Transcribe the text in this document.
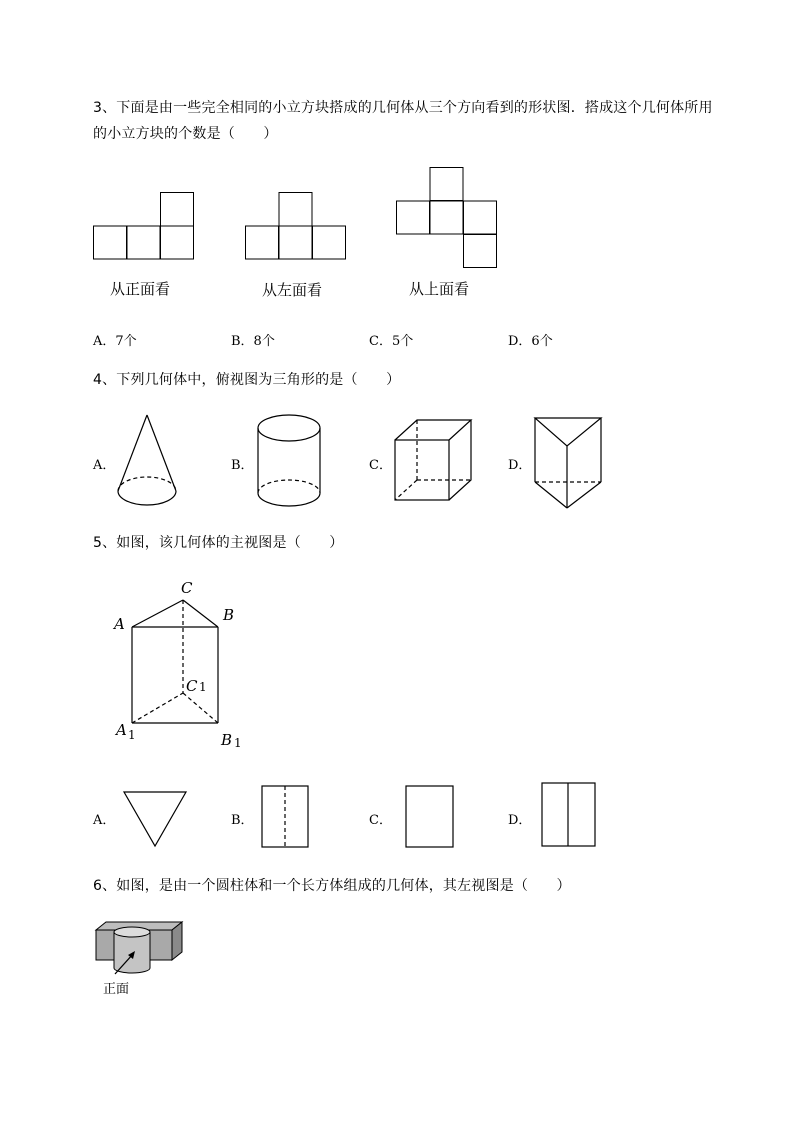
3、下面是由一些完全相同的小立方块搭成的几何体从三个方向看到的形状图．搭成这个几何体所用
的小立方块的个数是（　　）
从正面看	从左面看	从上面看
A．7个	B．8个	C．5个	D．6个
4、下列几何体中，俯视图为三角形的是（　　）
A．	B．	C．	D．
5、如图，该几何体的主视图是（　　）
C
A	B
C 1
A 1	B 1
A．	B．	C．	D．
6、如图，是由一个圆柱体和一个长方体组成的几何体，其左视图是（　　）
正面
